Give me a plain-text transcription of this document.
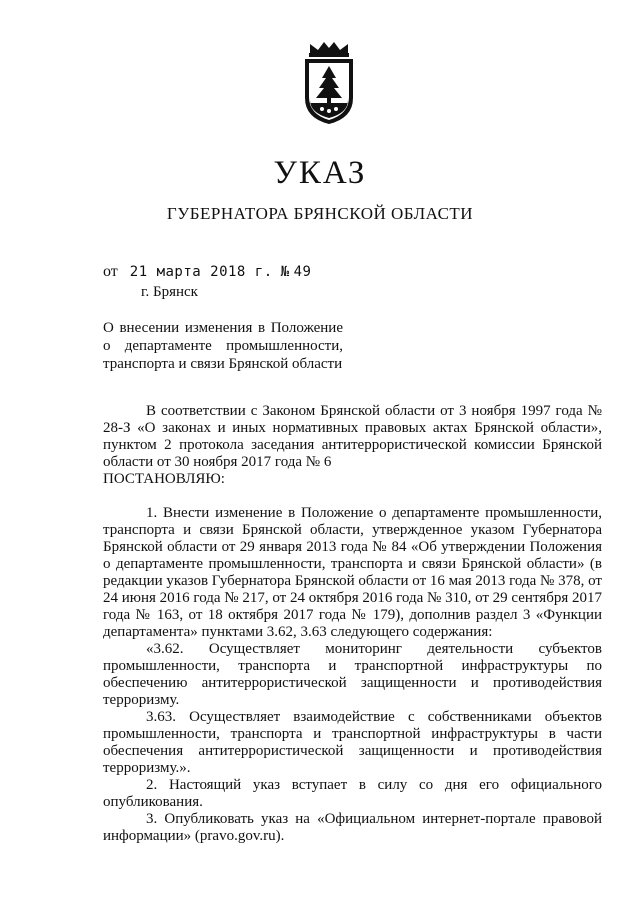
УКАЗ
ГУБЕРНАТОРА БРЯНСКОЙ ОБЛАСТИ
от 21 марта 2018 г. № 49
г. Брянск

О внесении изменения в Положение

о департаменте промышленности,

транспорта и связи Брянской области

В соответствии с Законом Брянской области от 3 ноября 1997 года № 28-З «О законах и иных нормативных правовых актах Брянской области», пунктом 2 протокола заседания антитеррористической комиссии Брянской области от 30 ноября 2017 года № 6

ПОСТАНОВЛЯЮ:

1. Внести изменение в Положение о департаменте промышленности, транспорта и связи Брянской области, утвержденное указом Губернатора Брянской области от 29 января 2013 года № 84 «Об утверждении Положения о департаменте промышленности, транспорта и связи Брянской области» (в редакции указов Губернатора Брянской области от 16 мая 2013 года № 378, от 24 июня 2016 года № 217, от 24 октября 2016 года № 310, от 29 сентября 2017 года № 163, от 18 октября 2017 года № 179), дополнив раздел 3 «Функции департамента» пунктами 3.62, 3.63 следующего содержания:

«3.62. Осуществляет мониторинг деятельности субъектов промышленности, транспорта и транспортной инфраструктуры по обеспечению антитеррористической защищенности и противодействия терроризму.

3.63. Осуществляет взаимодействие с собственниками объектов промышленности, транспорта и транспортной инфраструктуры в части обеспечения антитеррористической защищенности и противодействия терроризму.».

2. Настоящий указ вступает в силу со дня его официального опубликования.

3. Опубликовать указ на «Официальном интернет-портале правовой информации» (pravo.gov.ru).
